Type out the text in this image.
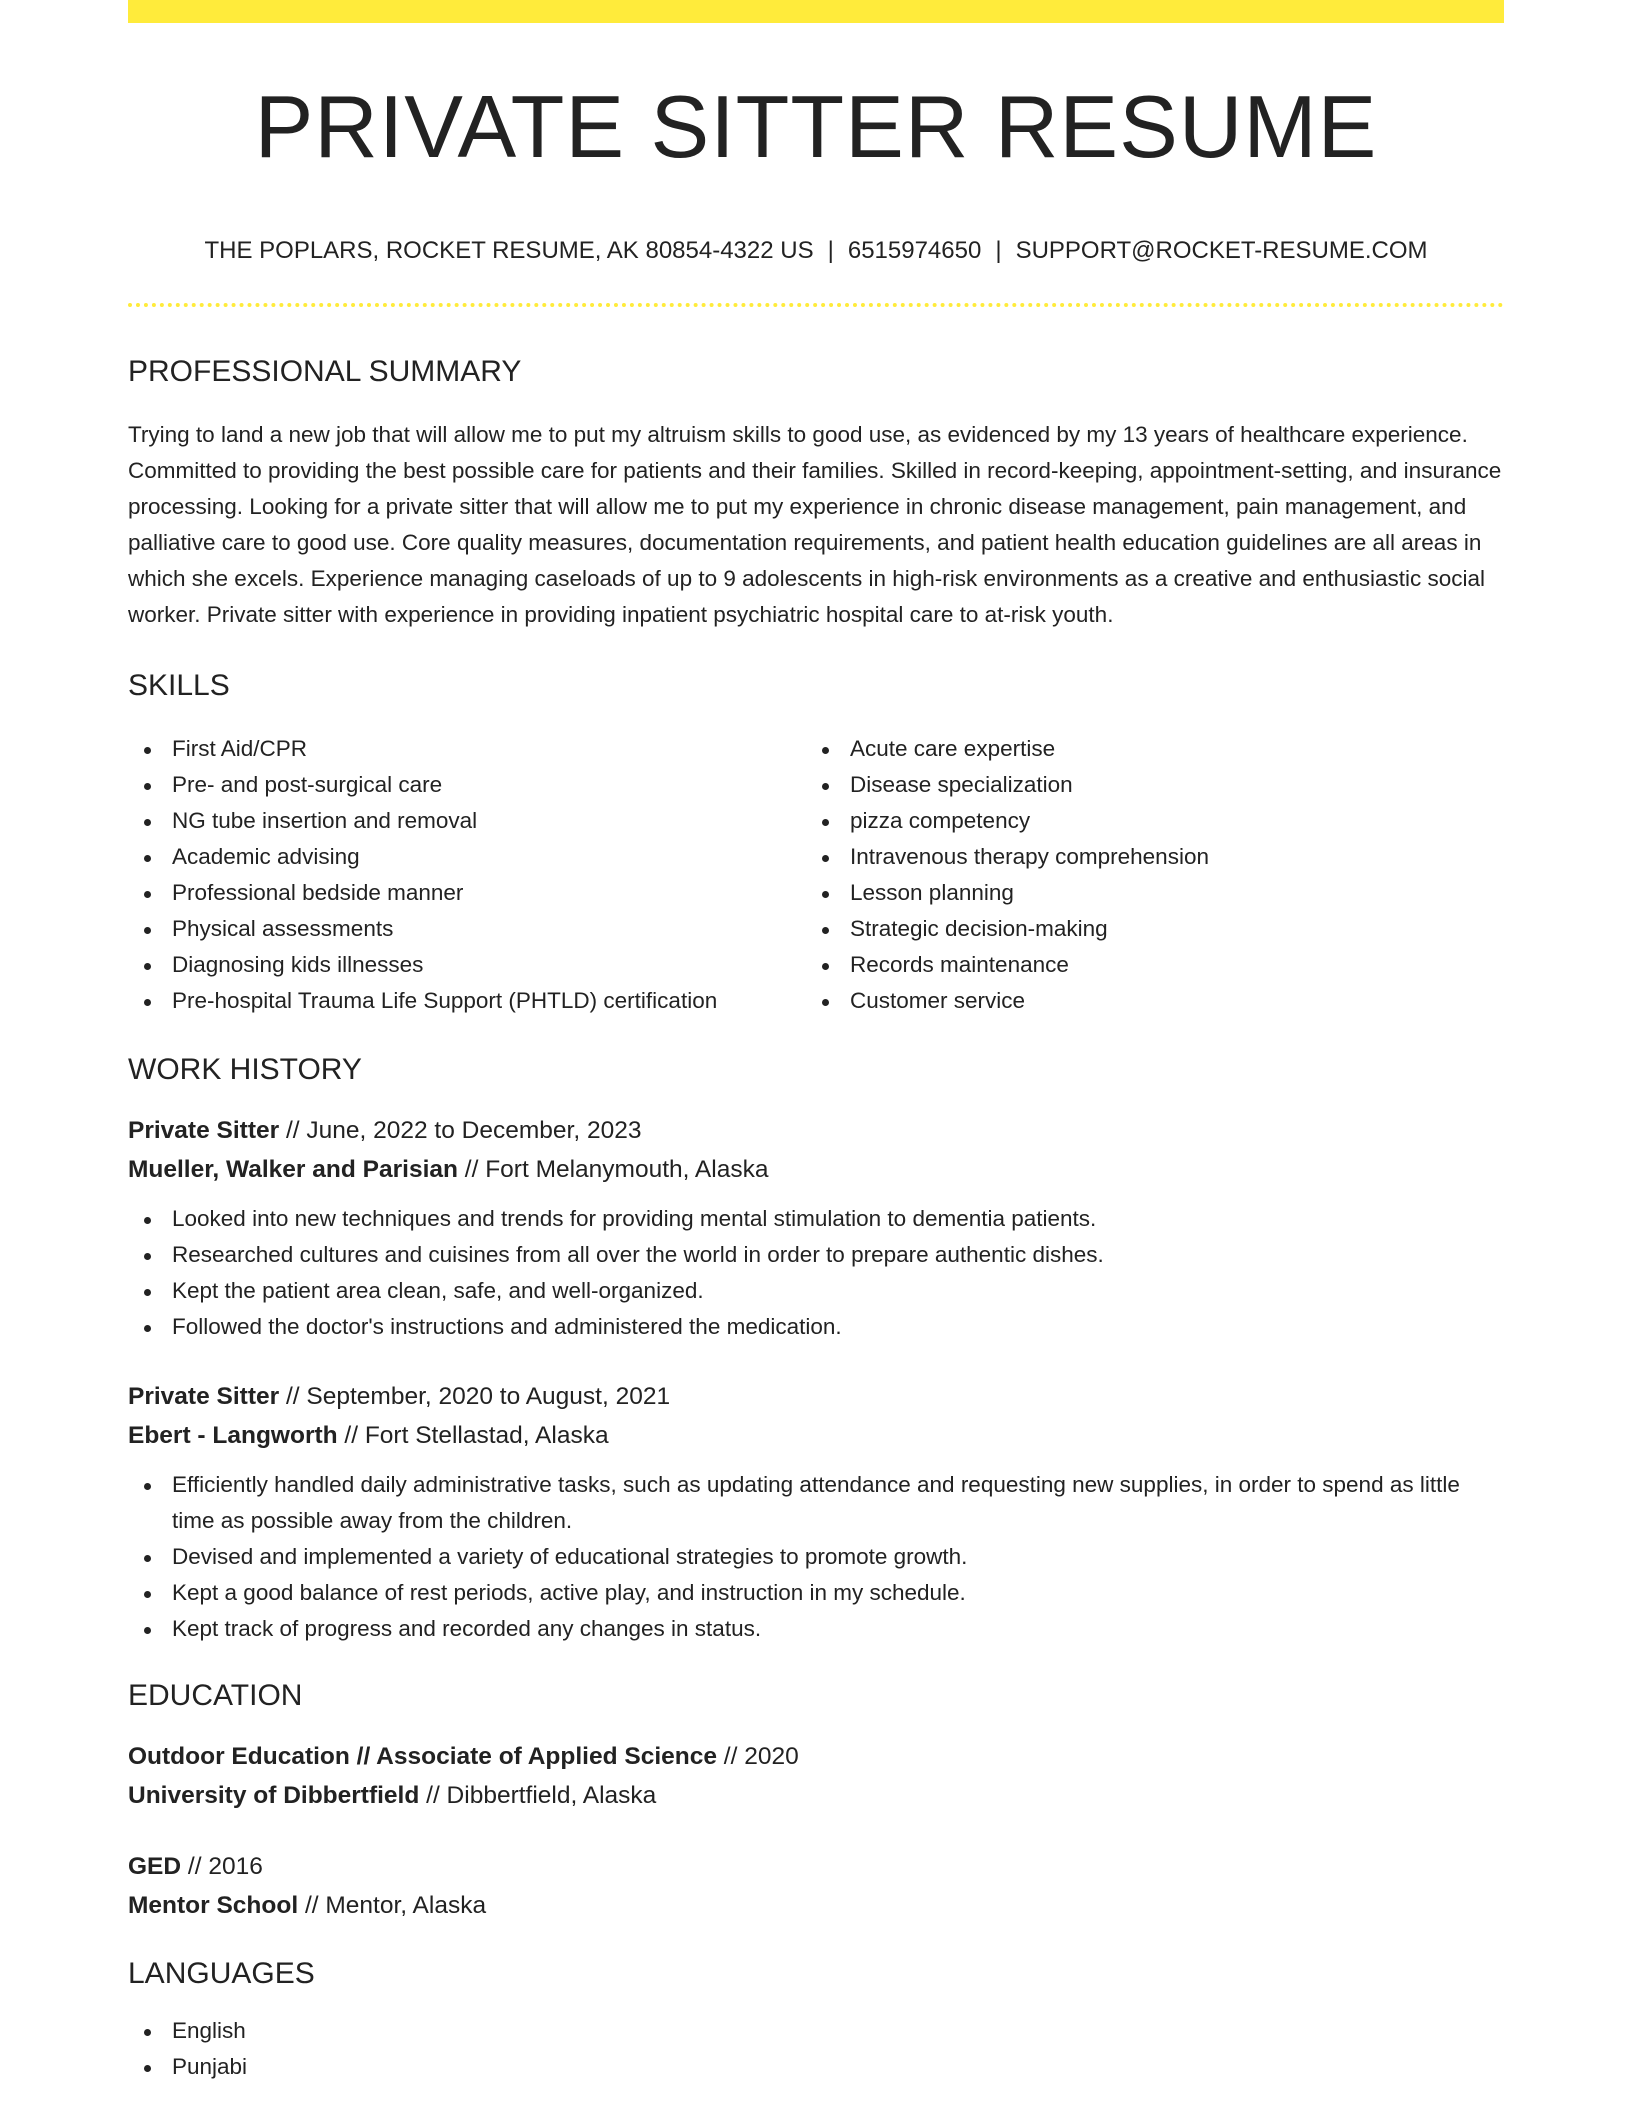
PRIVATE SITTER RESUME
THE POPLARS, ROCKET RESUME, AK 80854-4322 US | 6515974650 | SUPPORT@ROCKET-RESUME.COM
PROFESSIONAL SUMMARY

Trying to land a new job that will allow me to put my altruism skills to good use, as evidenced by my 13 years of healthcare experience. Committed to providing the best possible care for patients and their families. Skilled in record-keeping, appointment-setting, and insurance processing. Looking for a private sitter that will allow me to put my experience in chronic disease management, pain management, and palliative care to good use. Core quality measures, documentation requirements, and patient health education guidelines are all areas in which she excels. Experience managing caseloads of up to 9 adolescents in high-risk environments as a creative and enthusiastic social worker. Private sitter with experience in providing inpatient psychiatric hospital care to at-risk youth.

SKILLS
First Aid/CPR
Pre- and post-surgical care
NG tube insertion and removal
Academic advising
Professional bedside manner
Physical assessments
Diagnosing kids illnesses
Pre-hospital Trauma Life Support (PHTLD) certification
Acute care expertise
Disease specialization
pizza competency
Intravenous therapy comprehension
Lesson planning
Strategic decision-making
Records maintenance
Customer service
WORK HISTORY
Private Sitter // June, 2022 to December, 2023
Mueller, Walker and Parisian // Fort Melanymouth, Alaska
Looked into new techniques and trends for providing mental stimulation to dementia patients.
Researched cultures and cuisines from all over the world in order to prepare authentic dishes.
Kept the patient area clean, safe, and well-organized.
Followed the doctor's instructions and administered the medication.
Private Sitter // September, 2020 to August, 2021
Ebert - Langworth // Fort Stellastad, Alaska
Efficiently handled daily administrative tasks, such as updating attendance and requesting new supplies, in order to spend as little time as possible away from the children.
Devised and implemented a variety of educational strategies to promote growth.
Kept a good balance of rest periods, active play, and instruction in my schedule.
Kept track of progress and recorded any changes in status.
EDUCATION
Outdoor Education // Associate of Applied Science // 2020
University of Dibbertfield // Dibbertfield, Alaska
GED // 2016
Mentor School // Mentor, Alaska
LANGUAGES
English
Punjabi
